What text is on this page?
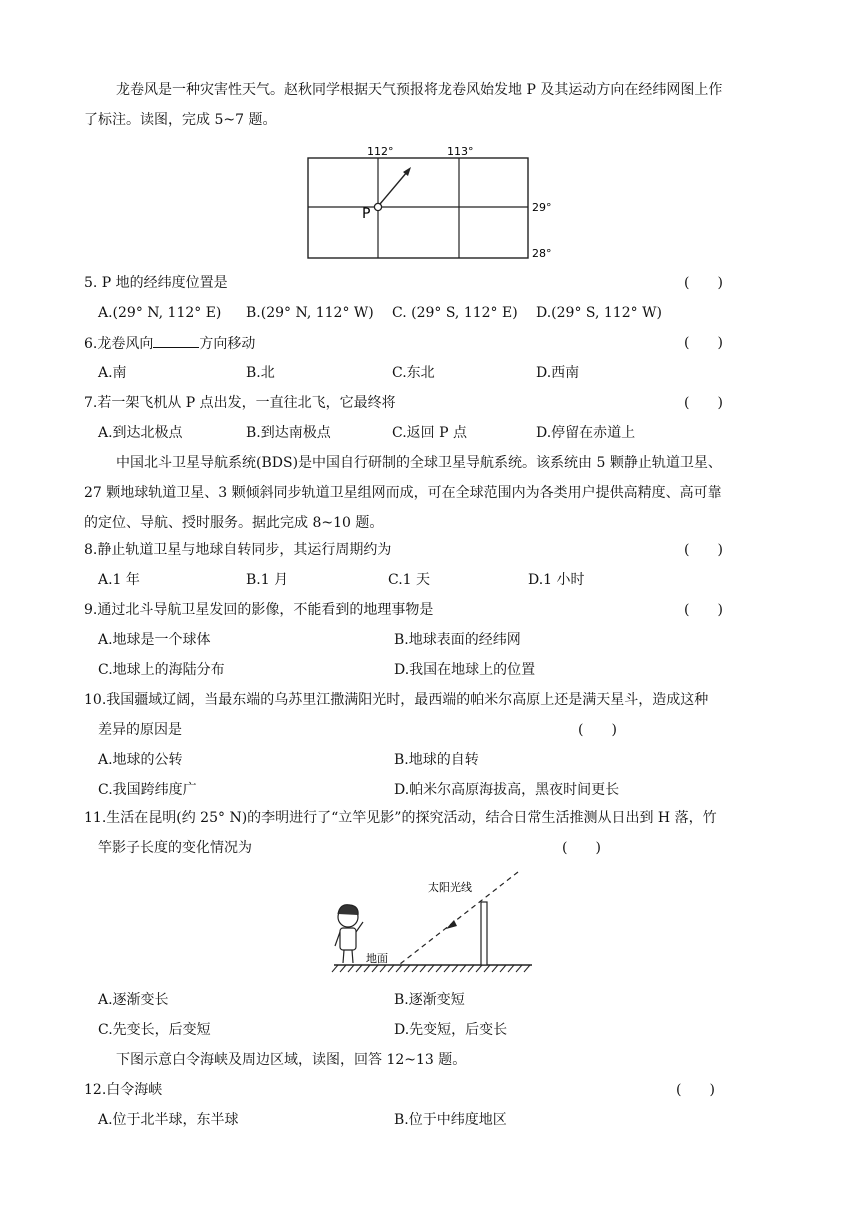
龙卷风是一种灾害性天气。赵秋同学根据天气预报将龙卷风始发地 P 及其运动方向在经纬网图上作
了标注。读图，完成 5~7 题。
P
112°	113°
29°
28°
5. P 地的经纬度位置是	(　　)
A.(29° N, 112° E) B.(29° N, 112° W) C. (29° S, 112° E) D.(29° S, 112° W)
6.龙卷风向	方向移动	(　　)
A.南	B.北	C.东北	D.西南
7.若一架飞机从 P 点出发，一直往北飞，它最终将	(　　)
A.到达北极点	B.到达南极点	C.返回 P 点	D.停留在赤道上
中国北斗卫星导航系统(BDS)是中国自行研制的全球卫星导航系统。该系统由 5 颗静止轨道卫星、
27 颗地球轨道卫星、3 颗倾斜同步轨道卫星组网而成，可在全球范围内为各类用户提供高精度、高可靠
的定位、导航、授时服务。据此完成 8~10 题。
8.静止轨道卫星与地球自转同步，其运行周期约为	(　　)
A.1 年	B.1 月	C.1 天	D.1 小时
9.通过北斗导航卫星发回的影像，不能看到的地理事物是	(　　)
A.地球是一个球体	B.地球表面的经纬网
C.地球上的海陆分布	D.我国在地球上的位置
10.我国疆域辽阔，当最东端的乌苏里江撒满阳光时，最西端的帕米尔高原上还是满天星斗，造成这种
差异的原因是	(　　)
A.地球的公转	B.地球的自转
C.我国跨纬度广	D.帕米尔高原海拔高，黑夜时间更长
11.生活在昆明(约 25° N)的李明进行了“立竿见影”的探究活动，结合日常生活推测从日出到 H 落，竹
竿影子长度的变化情况为	(　　)
太阳光线
地面
A.逐渐变长	B.逐渐变短
C.先变长，后变短	D.先变短，后变长
下图示意白令海峡及周边区域，读图，回答 12~13 题。
12.白令海峡	(　　)
A.位于北半球，东半球	B.位于中纬度地区
